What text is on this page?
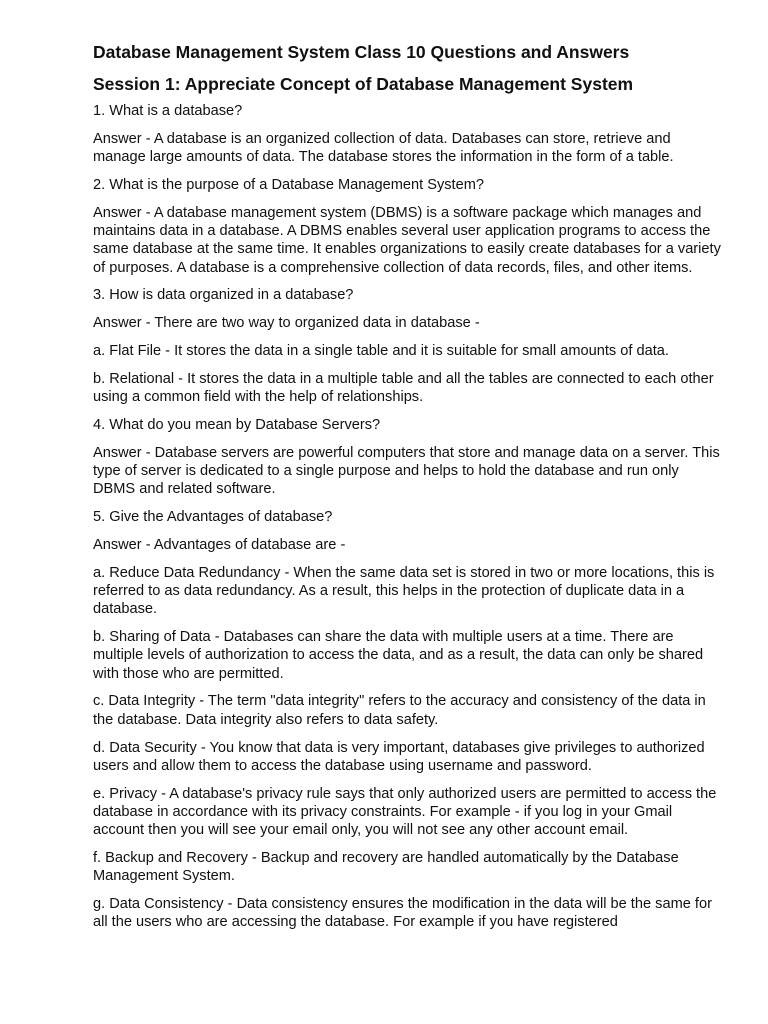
Database Management System Class 10 Questions and Answers
Session 1: Appreciate Concept of Database Management System

1. What is a database?

Answer - A database is an organized collection of data. Databases can store, retrieve and manage large amounts of data. The database stores the information in the form of a table.

2. What is the purpose of a Database Management System?

Answer - A database management system (DBMS) is a software package which manages and maintains data in a database. A DBMS enables several user application programs to access the same database at the same time. It enables organizations to easily create databases for a variety of purposes. A database is a comprehensive collection of data records, files, and other items.

3. How is data organized in a database?

Answer - There are two way to organized data in database -

a. Flat File - It stores the data in a single table and it is suitable for small amounts of data.

b. Relational - It stores the data in a multiple table and all the tables are connected to each other using a common field with the help of relationships.

4. What do you mean by Database Servers?

Answer - Database servers are powerful computers that store and manage data on a server. This type of server is dedicated to a single purpose and helps to hold the database and run only DBMS and related software.

5. Give the Advantages of database?

Answer - Advantages of database are -

a. Reduce Data Redundancy - When the same data set is stored in two or more locations, this is referred to as data redundancy. As a result, this helps in the protection of duplicate data in a database.

b. Sharing of Data - Databases can share the data with multiple users at a time. There are multiple levels of authorization to access the data, and as a result, the data can only be shared with those who are permitted.

c. Data Integrity - The term "data integrity" refers to the accuracy and consistency of the data in the database. Data integrity also refers to data safety.

d. Data Security - You know that data is very important, databases give privileges to authorized users and allow them to access the database using username and password.

e. Privacy - A database's privacy rule says that only authorized users are permitted to access the database in accordance with its privacy constraints. For example - if you log in your Gmail account then you will see your email only, you will not see any other account email.

f. Backup and Recovery - Backup and recovery are handled automatically by the Database Management System.

g. Data Consistency - Data consistency ensures the modification in the data will be the same for all the users who are accessing the database. For example if you have registered
